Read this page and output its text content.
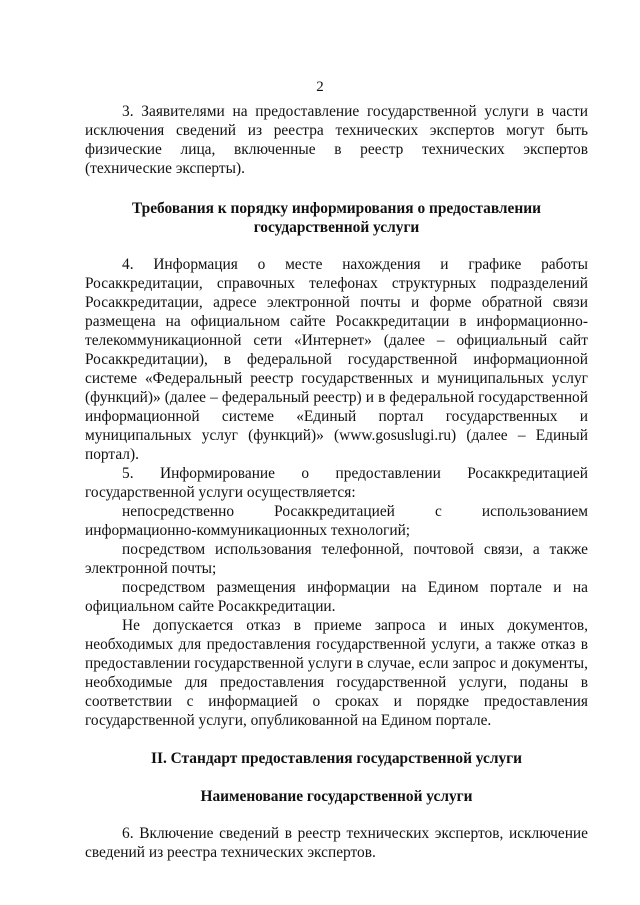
2

3. Заявителями на предоставление государственной услуги в части исключения сведений из реестра технических экспертов могут быть физические лица, включенные в реестр технических экспертов (технические эксперты).

Требования к порядку информирования о предоставлении государственной услуги

4. Информация о месте нахождения и графике работы Росаккредитации, справочных телефонах структурных подразделений Росаккредитации, адресе электронной почты и форме обратной связи размещена на официальном сайте Росаккредитации в информационно-телекоммуникационной сети «Интернет» (далее – официальный сайт Росаккредитации), в федеральной государственной информационной системе «Федеральный реестр государственных и муниципальных услуг (функций)» (далее – федеральный реестр) и в федеральной государственной информационной системе «Единый портал государственных и муниципальных услуг (функций)» (www.gosuslugi.ru) (далее – Единый портал).

5. Информирование о предоставлении Росаккредитацией государственной услуги осуществляется:

непосредственно Росаккредитацией с использованием информационно-коммуникационных технологий;

посредством использования телефонной, почтовой связи, а также электронной почты;

посредством размещения информации на Едином портале и на официальном сайте Росаккредитации.

Не допускается отказ в приеме запроса и иных документов, необходимых для предоставления государственной услуги, а также отказ в предоставлении государственной услуги в случае, если запрос и документы, необходимые для предоставления государственной услуги, поданы в соответствии с информацией о сроках и порядке предоставления государственной услуги, опубликованной на Едином портале.

II. Стандарт предоставления государственной услуги

Наименование государственной услуги

6. Включение сведений в реестр технических экспертов, исключение сведений из реестра технических экспертов.
